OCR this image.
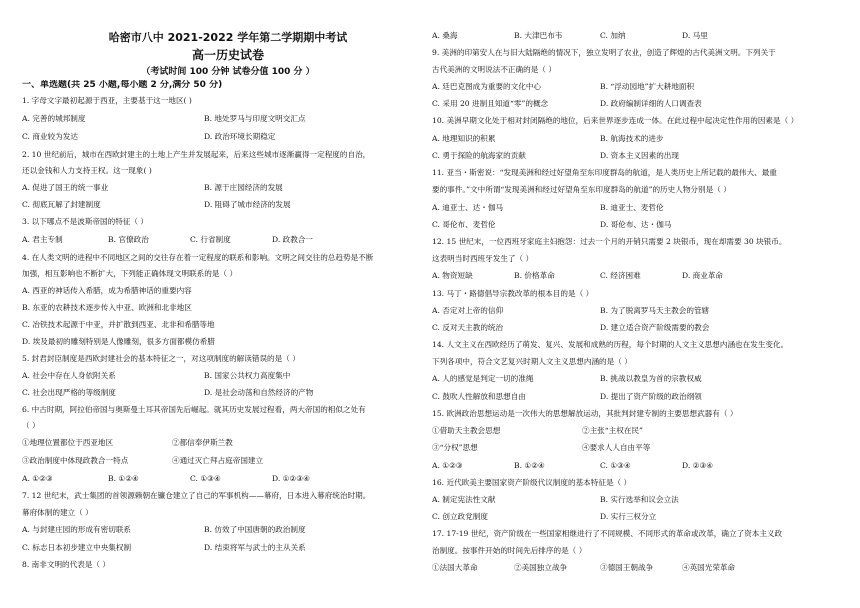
哈密市八中 2021-2022 学年第二学期期中考试
高一历史试卷
（考试时间 100 分钟 试卷分值 100 分 ）
一、单选题(共 25 小题,每小题 2 分,满分 50 分)
1. 字母文字最初起源于西亚，主要基于这一地区( )
A. 完善的城邦制度	B. 地处罗马与印度文明交汇点
C. 商业较为发达	D. 政治环境长期稳定
2. 10 世纪前后，城市在西欧封建主的土地上产生并发展起来，后来这些城市逐渐赢得一定程度的自治，
还以金钱和人力支持王权。这一现象( )
A. 促进了国王的统一事业	B. 源于庄园经济的发展
C. 彻底瓦解了封建制度	D. 阻碍了城市经济的发展
3. 以下哪点不是波斯帝国的特征（ ）
A. 君主专制	B. 官僚政治	C. 行省制度	D. 政教合一
4. 在人类文明的进程中不同地区之间的交往存在着一定程度的联系和影响。文明之间交往的总趋势是不断
加强，相互影响也不断扩大，下列能正确体现文明联系的是（ ）
A. 西亚的神话传入希腊，成为希腊神话的重要内容
B. 东亚的农耕技术逐步传入中亚、欧洲和北非地区
C. 冶铁技术起源于中亚，并扩散到西亚、北非和希腊等地
D. 埃及最初的雕刻特别是人像雕刻，很多方面都模仿希腊
5. 封君封臣制度是西欧封建社会的基本特征之一，对这项制度的解读错误的是（ ）
A. 社会中存在人身依附关系	B. 国家公共权力高度集中
C. 社会出现严格的等级制度	D. 是社会动荡和自然经济的产物
6. 中古时期，阿拉伯帝国与奥斯曼土耳其帝国先后崛起。就其历史发展过程看，两大帝国的相似之处有
（ ）
①地理位置都位于西亚地区	②都信奉伊斯兰教
③政治制度中体现政教合一特点	④通过灭亡拜占庭帝国建立
A. ①②③	B. ①②④	C. ①③④	D. ①②③④
7. 12 世纪末，武士集团的首领源赖朝在镰仓建立了自己的军事机构——幕府，日本进入幕府统治时期。
幕府体制的建立（ ）
A. 与封建庄园的形成有密切联系	B. 仿效了中国唐朝的政治制度
C. 标志日本初步建立中央集权制	D. 结束将军与武士的主从关系
8. 南非文明的代表是（ ）
A. 桑海	B. 大津巴布韦	C. 加纳	D. 马里
9. 美洲的印第安人在与旧大陆隔绝的情况下，独立发明了农业，创造了辉煌的古代美洲文明。下列关于
古代美洲的文明说法不正确的是（ ）
A. 廷巴克图成为重要的文化中心	B. “浮动园地”扩大耕地面积
C. 采用 20 进制且知道“零”的概念	D. 政府编制详细的人口调查表
10. 美洲早期文化处于相对封闭隔绝的地位，后来世界逐步连成一体。在此过程中起决定性作用的因素是（ ）
A. 地理知识的积累	B. 航海技术的进步
C. 勇于探险的航海家的贡献	D. 资本主义因素的出现
11. 亚当・斯密说：“发现美洲和经过好望角至东印度群岛的航道，是人类历史上所记载的最伟大、最重
要的事件。”文中所谓“发现美洲和经过好望角至东印度群岛的航道”的历史人物分别是（ ）
A. 迪亚士、达・伽马	B. 迪亚士、麦哲伦
C. 哥伦布、麦哲伦	D. 哥伦布、达・伽马
12. 15 世纪末，一位西班牙家庭主妇抱怨：过去一个月的开销只需要 2 块银币，现在却需要 30 块银币。
这表明当时西班牙发生了（ ）
A. 物资短缺	B. 价格革命	C. 经济困难	D. 商业革命
13. 马丁・路德倡导宗教改革的根本目的是（ ）
A. 否定对上帝的信仰	B. 为了脱离罗马天主教会的管辖
C. 反对天主教的统治	D. 建立适合资产阶级需要的教会
14. 人文主义在西欧经历了萌发、复兴、发展和成熟的历程，每个时期的人文主义思想内涵也在发生变化。
下列各项中，符合文艺复兴时期人文主义思想内涵的是（ ）
A. 人的感觉是判定一切的准绳	B. 挑战以教皇为首的宗教权威
C. 鼓吹人性解放和思想自由	D. 提出了资产阶级的政治纲领
15. 欧洲政治思想运动是一次伟大的思想解放运动，其批判封建专制的主要思想武器有（ ）
①借助天主教会思想	②主张“主权在民”
③“分权”思想	④要求人人自由平等
A. ①②③	B. ①②④	C. ①③④	D. ②③④
16. 近代欧美主要国家资产阶级代议制度的基本特征是（ ）
A. 制定宪法性文献	B. 实行选举和议会立法
C. 创立政党制度	D. 实行三权分立
17. 17-19 世纪，资产阶级在一些国家相继进行了不同规模、不同形式的革命或改革，确立了资本主义政
治制度。按事件开始的时间先后排序的是（ ）
①法国大革命	②美国独立战争	③德国王朝战争	④英国光荣革命
